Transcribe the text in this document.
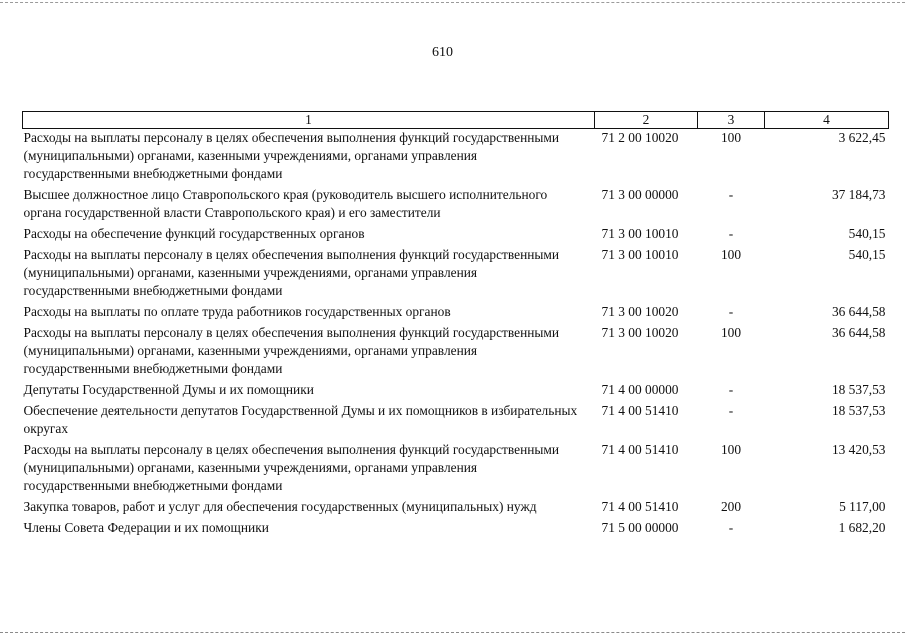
610
1	2	3	4
Расходы на выплаты персоналу в целях обеспечения выполнения функций государственными (муниципальными) органами, казенными учреждениями, органами управления государственными внебюджетными фондами	71 2 00 10020	100	3 622,45
Высшее должностное лицо Ставропольского края (руководитель высшего исполнительного органа государственной власти Ставропольского края) и его заместители	71 3 00 00000	-	37 184,73
Расходы на обеспечение функций государственных органов	71 3 00 10010	-	540,15
Расходы на выплаты персоналу в целях обеспечения выполнения функций государственными (муниципальными) органами, казенными учреждениями, органами управления государственными внебюджетными фондами	71 3 00 10010	100	540,15
Расходы на выплаты по оплате труда работников государственных органов	71 3 00 10020	-	36 644,58
Расходы на выплаты персоналу в целях обеспечения выполнения функций государственными (муниципальными) органами, казенными учреждениями, органами управления государственными внебюджетными фондами	71 3 00 10020	100	36 644,58
Депутаты Государственной Думы и их помощники	71 4 00 00000	-	18 537,53
Обеспечение деятельности депутатов Государственной Думы и их помощников в избирательных округах	71 4 00 51410	-	18 537,53
Расходы на выплаты персоналу в целях обеспечения выполнения функций государственными (муниципальными) органами, казенными учреждениями, органами управления государственными внебюджетными фондами	71 4 00 51410	100	13 420,53
Закупка товаров, работ и услуг для обеспечения государственных (муниципальных) нужд	71 4 00 51410	200	5 117,00
Члены Совета Федерации и их помощники	71 5 00 00000	-	1 682,20
